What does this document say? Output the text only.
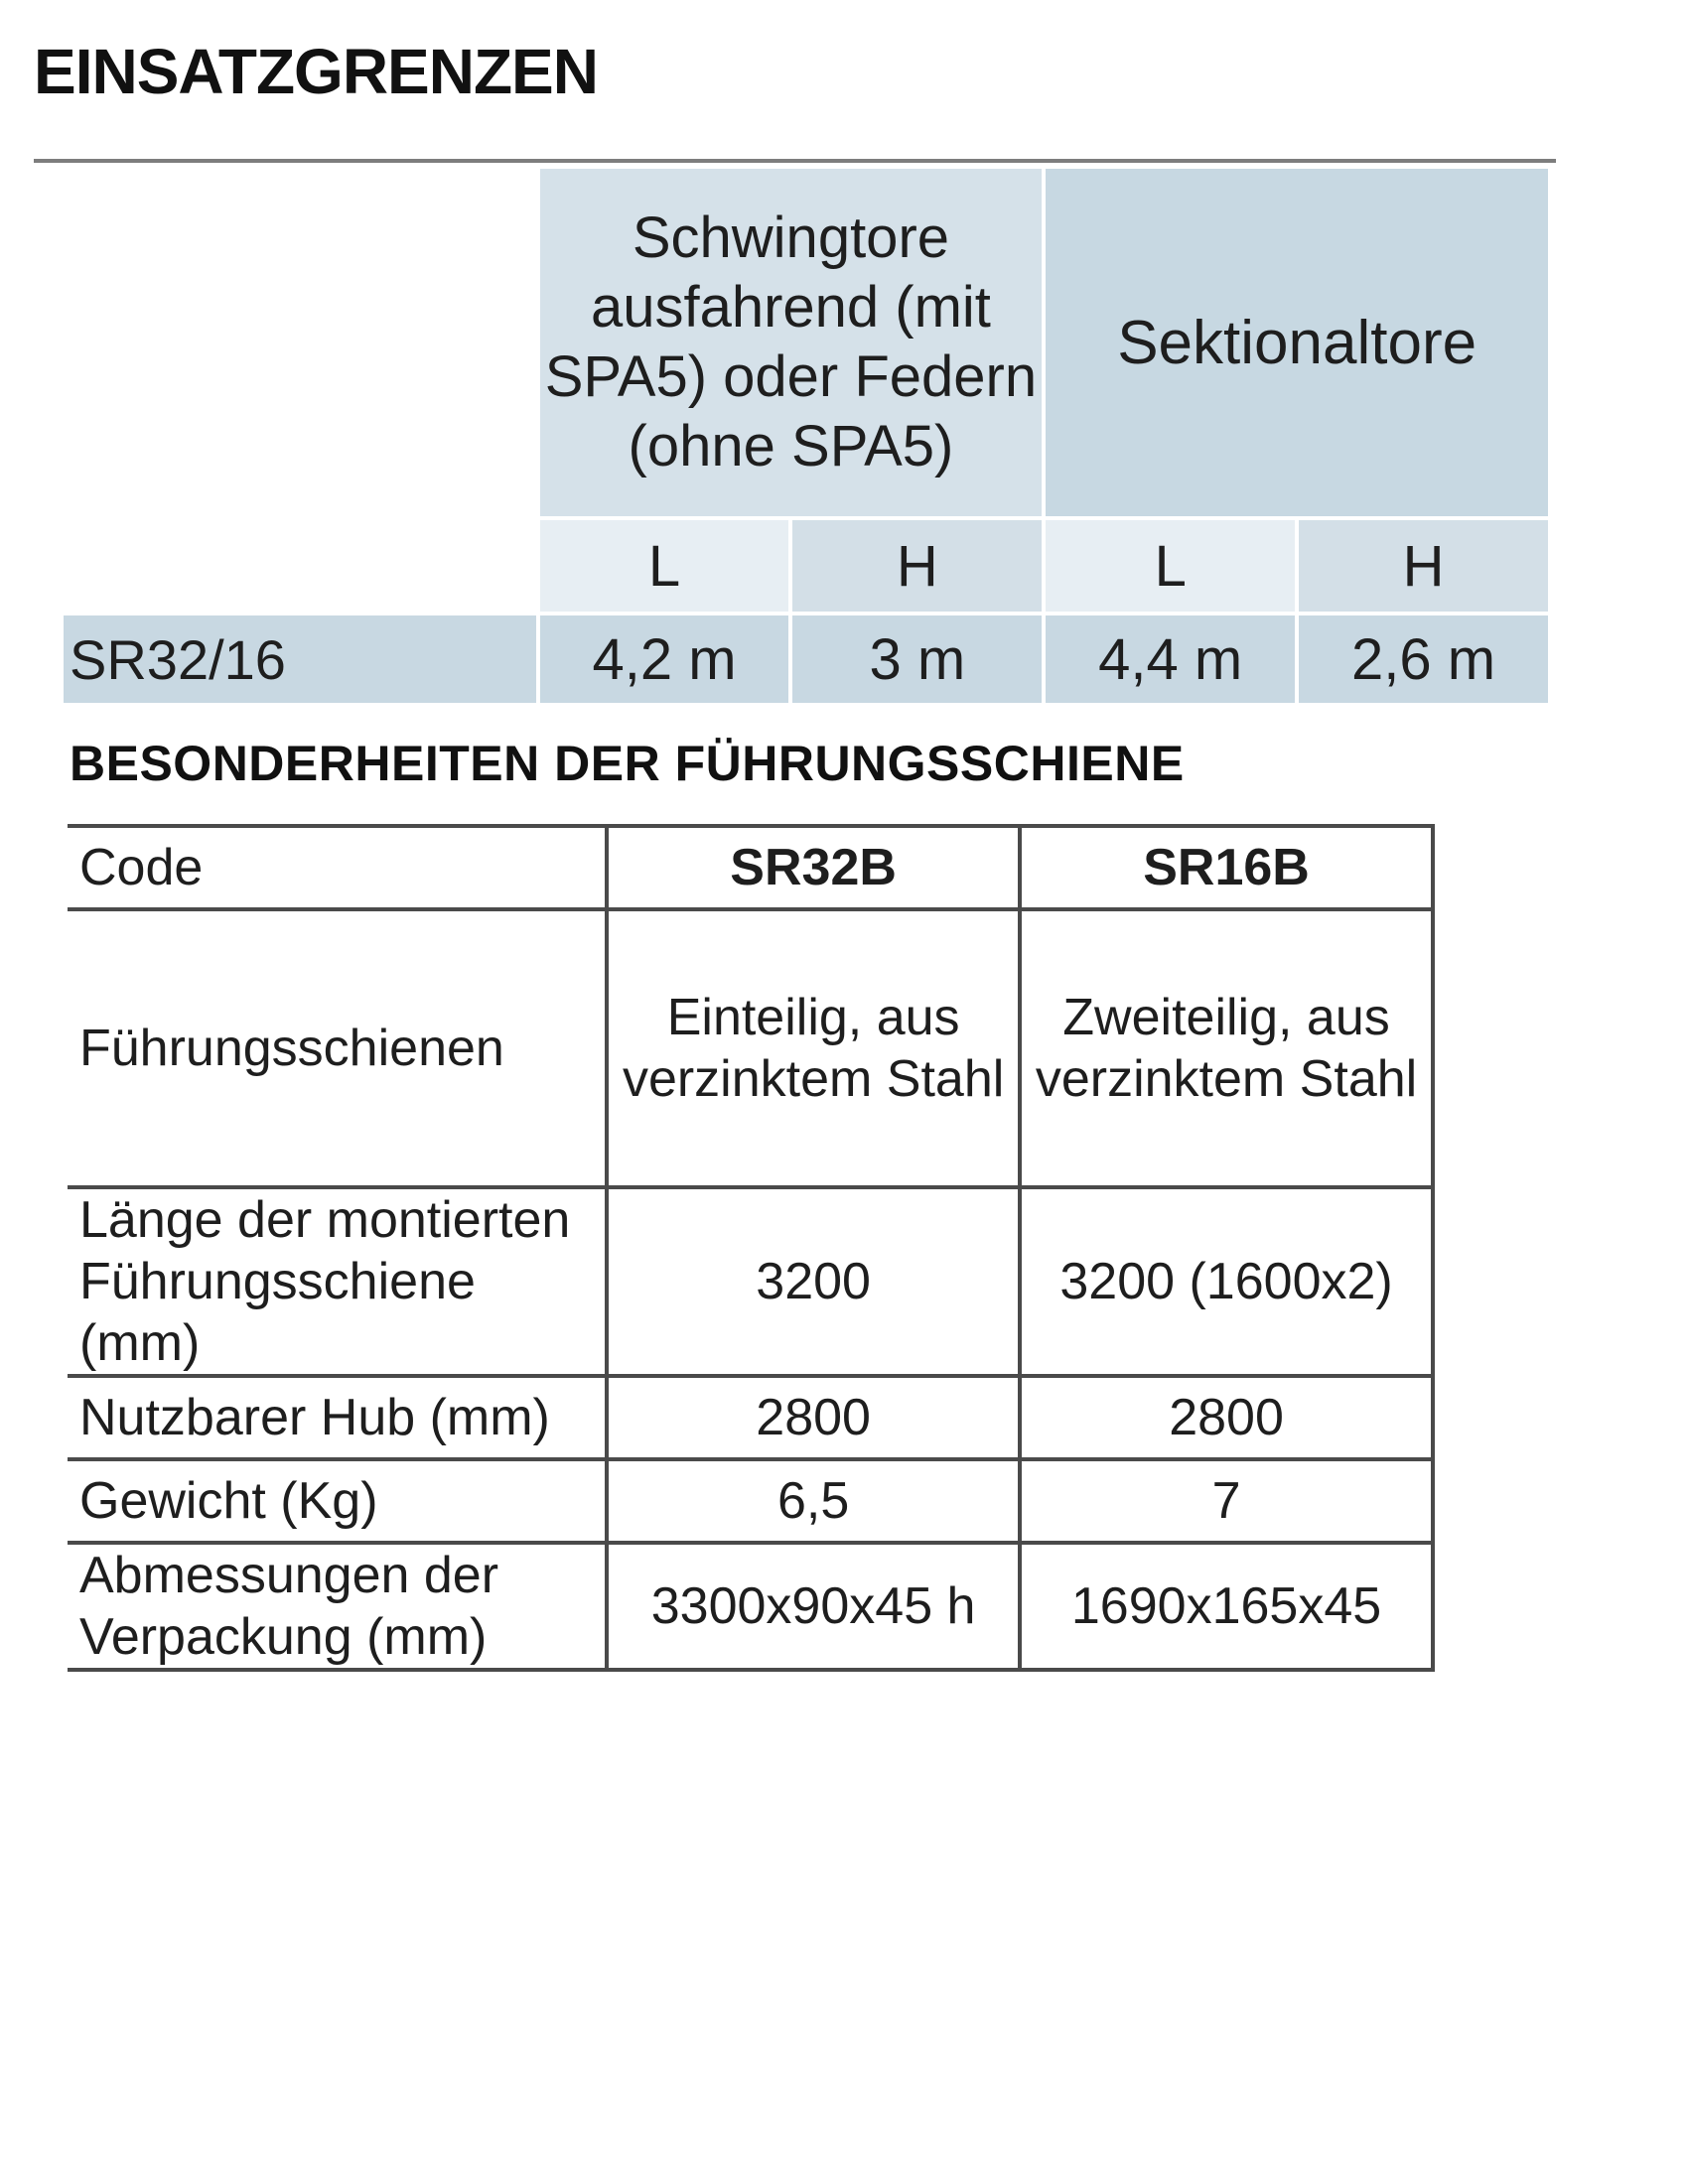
EINSATZGRENZEN
	Schwingtore ausfahrend (mit SPA5) oder Federn (ohne SPA5)		Sektionaltore	
	L	H	L	H
SR32/16	4,2 m	3 m	4,4 m	2,6 m
BESONDERHEITEN DER FÜHRUNGSSCHIENE
Code	SR32B	SR16B
Führungsschienen	Einteilig, aus verzinktem Stahl	Zweiteilig, aus verzinktem Stahl
Länge der montierten Führungsschiene (mm)	3200	3200 (1600x2)
Nutzbarer Hub (mm)	2800	2800
Gewicht (Kg)	6,5	7
Abmessungen der Verpackung (mm)	3300x90x45 h	1690x165x45
